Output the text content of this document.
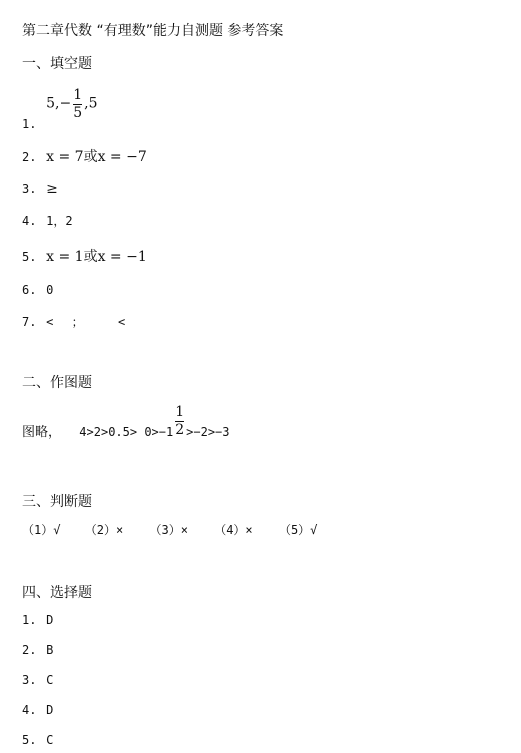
第二章代数 “有理数”能力自测题 参考答案
一、填空题
1. $5,- \frac{1}{5} ,5$
2. x = 7或x = −7
3. ≥
4. 1，2
5. x = 1或x = −1
6. 0
7. < ；	<
二、作图题
图略， $4>2>0.5> 0>-1 \frac{1}{2} >-2>-3$
三、判断题
（1）√ （2）× （3）× （4）× （5）√
四、选择题
1. D
2. B
3. C
4. D
5. C
